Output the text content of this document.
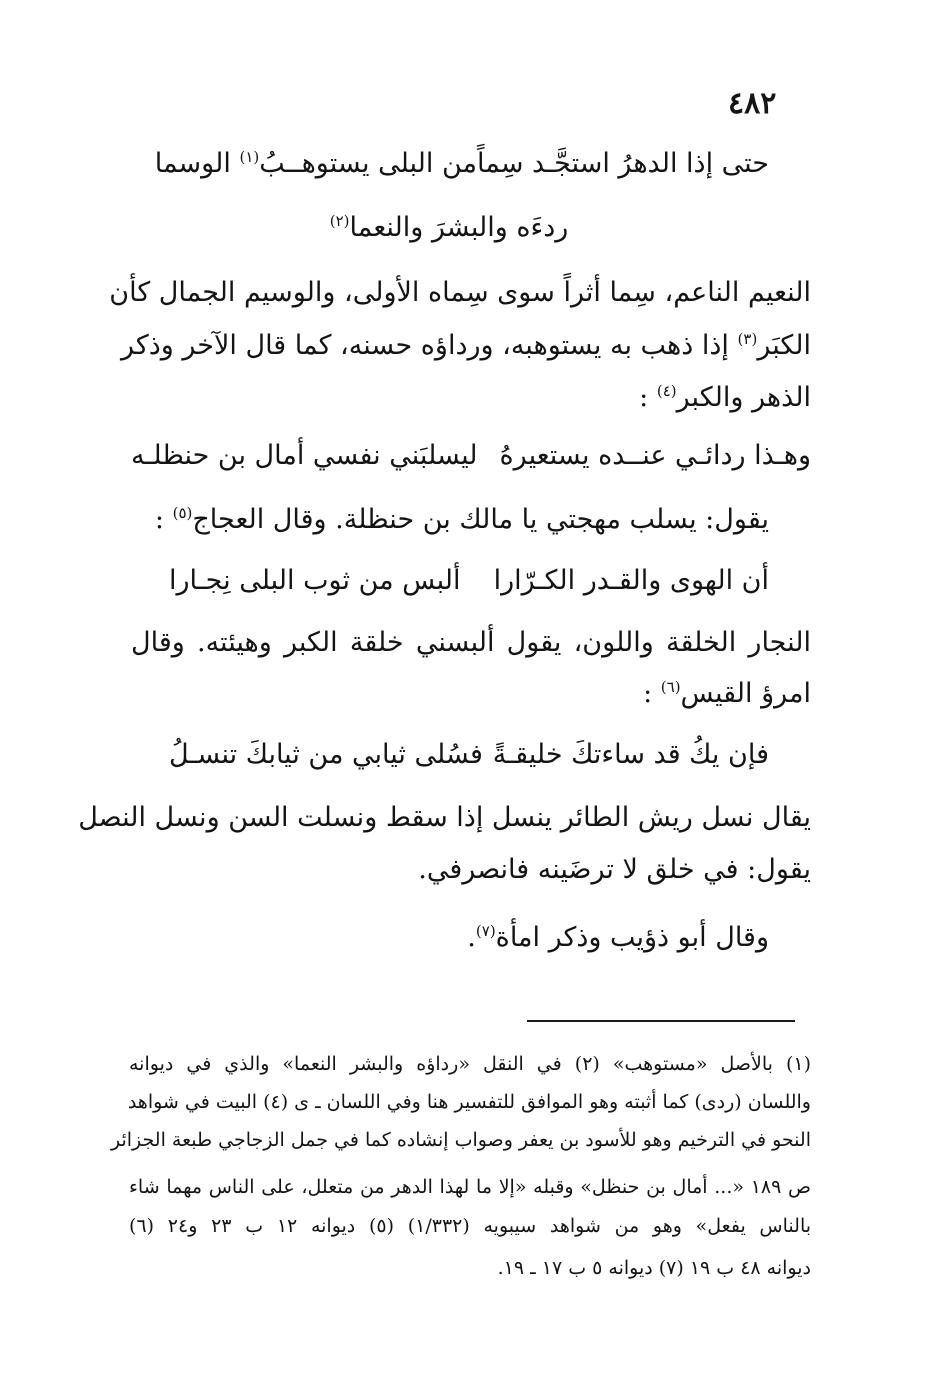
٤٨٢
حتى إذا الدهرُ استجَّـد سِماً
من البلى يستوهــبُ$^{(١)}$ الوسما
ردءَه والبشرَ والنعما$^{(٢)}$
النعيم الناعم، سِما أثراً سوى سِماه الأولى، والوسيم الجمال كأن
الكبَر$^{(٣)}$ إذا ذهب به يستوهبه، ورداؤه حسنه، كما قال الآخر وذكر
الذهر والكبر$^{(٤)}$ :
وهـذا ردائـي عنــده يستعيرهُ
ليسلبَني نفسي أمال بن حنظلـه
يقول: يسلب مهجتي يا مالك بن حنظلة. وقال العجاج$^{(٥)}$ :
أن الهوى والقـدر الكـرّارا
ألبس من ثوب البلى نِجـارا
النجار الخلقة واللون، يقول ألبسني خلقة الكبر وهيئته. وقال
امرؤ القيس$^{(٦)}$ :
فإن يكُ قد ساءتكَ خليقـةً
فسُلى ثيابي من ثيابكَ تنسـلُ
يقال نسل ريش الطائر ينسل إذا سقط ونسلت السن ونسل النصل
يقول: في خلق لا ترضَينه فانصرفي.
وقال أبو ذؤيب وذكر امأة$^{(٧)}$.
(١) بالأصل «مستوهب» (٢) في النقل «رداؤه والبشر النعما» والذي في ديوانه
واللسان (ردى) كما أثبته وهو الموافق للتفسير هنا وفي اللسان ـ ى (٤) البيت في شواهد
النحو في الترخيم وهو للأسود بن يعفر وصواب إنشاده كما في جمل الزجاجي طبعة الجزائر
ص ١٨٩ «... أمال بن حنظل» وقبله «إلا ما لهذا الدهر من متعلل، على الناس مهما شاء
بالناس يفعل» وهو من شواهد سيبويه (١/٣٣٢) (٥) ديوانه ١٢ ب ٢٣ و٢٤ (٦)
ديوانه ٤٨ ب ١٩ (٧) ديوانه ٥ ب ١٧ ـ ١٩.
